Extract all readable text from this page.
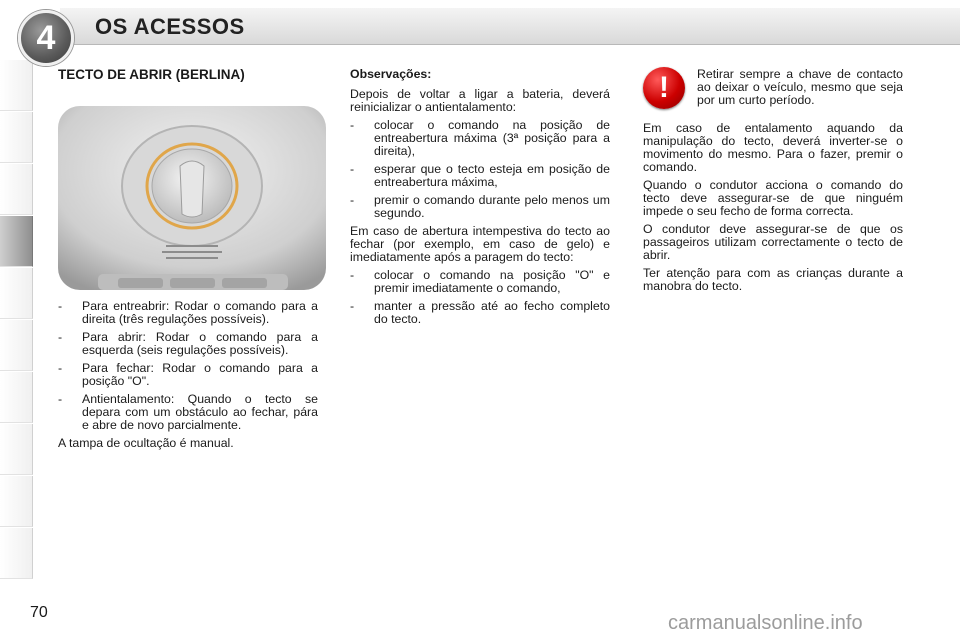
4 OS ACESSOS
TECTO DE ABRIR (BERLINA)
- Para entreabrir: Rodar o comando para a direita (três regulações possíveis).
- Para abrir: Rodar o comando para a esquerda (seis regulações possíveis).
- Para fechar: Rodar o comando para a posição "O".
- Antientalamento: Quando o tecto se depara com um obstáculo ao fechar, pára e abre de novo parcialmente.

A tampa de ocultação é manual.

Observações:

Depois de voltar a ligar a bateria, deverá reinicializar o antientalamento:

- colocar o comando na posição de entreabertura máxima (3ª posição para a direita),
- esperar que o tecto esteja em posição de entreabertura máxima,
- premir o comando durante pelo menos um segundo.

Em caso de abertura intempestiva do tecto ao fechar (por exemplo, em caso de gelo) e imediatamente após a paragem do tecto:

- colocar o comando na posição "O" e premir imediatamente o comando,
- manter a pressão até ao fecho completo do tecto.
! Retirar sempre a chave de contacto ao deixar o veículo, mesmo que seja por um curto período.

Em caso de entalamento aquando da manipulação do tecto, deverá inverter-se o movimento do mesmo. Para o fazer, premir o comando.

Quando o condutor acciona o comando do tecto deve assegurar-se de que ninguém impede o seu fecho de forma correcta.

O condutor deve assegurar-se de que os passageiros utilizam correctamente o tecto de abrir.

Ter atenção para com as crianças durante a manobra do tecto.

70	carmanualsonline.info
